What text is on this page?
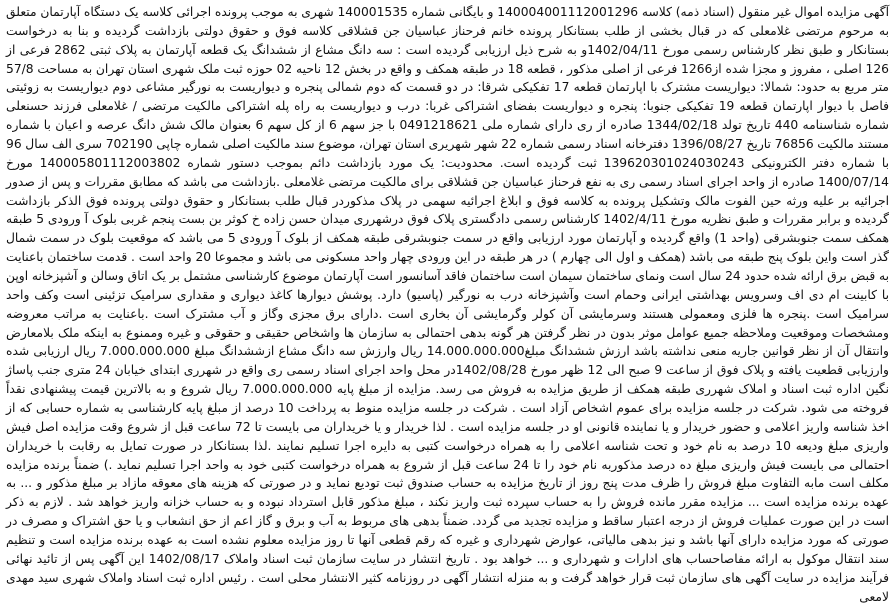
آگهی مزایده اموال غیر منقول (اسناد ذمه) کلاسه 140004001112001296 و بایگانی شماره 140001535 شهری به موجب پرونده اجرائی کلاسه یک دستگاه آپارتمان متعلق به مرحوم مرتضی غلامعلی که در قبال بخشی از طلب بستانکار پرونده خانم فرحناز عباسیان جن قشلاقی کلاسه فوق و حقوق دولتی بازداشت گردیده و بنا به درخواست بستانکار و طبق نظر کارشناس رسمی مورخ 1402/04/11و به شرح ذیل ارزیابی گردیده است : سه دانگ مشاع از ششدانگ یک قطعه آپارتمان به پلاک ثبتی 2862 فرعی از 126 اصلی ، مفروز و مجزا شده از1266 فرعی از اصلی مذکور ، قطعه 18 در طبقه همکف و واقع در بخش 12 ناحیه 02 حوزه ثبت ملک شهری استان تهران به مساحت 57/8 متر مربع به حدود: شمالا: دیواریست مشترک با اپارتمان قطعه 17 تفکیکی شرقا: در دو قسمت که دوم شمالی پنجره و دیواریست به نورگیر مشاعی دوم دیواریست به زوئیتی فاصل با دیوار اپارتمان قطعه 19 تفکیکی جنوبا: پنجره و دیواریست بفضای اشتراکی غربا: درب و دیواریست به راه پله اشتراکی مالکیت مرتضی / غلامعلی فرزند حسنعلی شماره شناسنامه 440 تاریخ تولد 1344/02/18 صادره از ری دارای شماره ملی 0491218621 با جز سهم 6 از کل سهم 6 بعنوان مالک شش دانگ عرصه و اعیان با شماره مستند مالکیت 76856 تاریخ 1396/08/27 دفترخانه اسناد رسمی شماره 22 شهر شهریری استان تهران، موضوع سند مالکیت اصلی شماره چاپی 702190 سری الف سال 96 با شماره دفتر الکترونیکی 139620301024030243 ثبت گردیده است. محدودیت: یک مورد بازداشت دائم بموجب دستور شماره 140005801112003802 مورخ 1400/07/14 صادره از واحد اجرای اسناد رسمی ری به نفع فرحناز عباسیان جن قشلاقی برای مالکیت مرتضی غلامعلی .بازداشت می باشد که مطابق مقررات و پس از صدور اجرائیه بر علیه ورثه حین الفوت مالک وتشکیل پرونده به کلاسه فوق و ابلاغ اجرائیه سهمی در پلاک مذکوردر قبال طلب بستانکار و حقوق دولتی پرونده فوق الذکر بازداشت گردیده و برابر مقررات و طبق نظریه مورخ 1402/4/11 کارشناس رسمی دادگستری پلاک فوق درشهرری میدان حسن زاده خ کوثر بن بست پنجم غربی بلوک آ ورودی 5 طبقه همکف سمت جنوبشرقی (واحد 1) واقع گردیده و آپارتمان مورد ارزیابی واقع در سمت جنوبشرقی طبقه همکف از بلوک آ ورودی 5 می باشد که موقعیت بلوک در سمت شمال گذر است واین بلوک پنج طبقه می باشد (همکف و اول الی چهارم ) در هر طبقه در این ورودی چهار واحد مسکونی می باشد و مجموعا 20 واحد است . قدمت ساختمان باعنایت به قبض برق ارائه شده حدود 24 سال است ونمای ساختمان سیمان است ساختمان فاقد آسانسور است آپارتمان موضوع کارشناسی مشتمل بر یک اتاق وسالن و آشپزخانه اوپن با کابینت ام دی اف وسرویس بهداشتی ایرانی وحمام است وآشپزخانه درب به نورگیر (پاسیو) دارد. پوشش دیوارها کاغذ دیواری و مقداری سرامیک تزئینی است وکف واحد سرامیک است .پنجره ها فلزی ومعمولی هستند وسرمایشی آن کولر وگرمایشی آن بخاری است .دارای برق مجزی وگاز و آب مشترک است .باعنایت به مراتب معروضه ومشخصات وموقعیت وملاحظه جمیع عوامل موثر بدون در نظر گرفتن هر گونه بدهی احتمالی به سازمان ها واشخاص حقیقی و حقوقی و غیره وممنوع به اینکه ملک بلامعارض وانتقال آن از نظر قوانین جاریه منعی نداشته باشد ارزش ششدانگ مبلغ14.000.000.000 ریال وارزش سه دانگ مشاع ازششدانگ مبلغ 7.000.000.000 ریال ارزیابی شده وارزیابی قطعیت یافته و پلاک فوق از ساعت 9 صبح الی 12 ظهر مورخ 1402/08/28در محل واحد اجرای اسناد رسمی ری واقع در شهرری ابتدای خیابان 24 متری جنب پاساژ نگین اداره ثبت اسناد و املاک شهرری طبقه همکف از طریق مزایده به فروش می رسد. مزایده از مبلغ پایه 7.000.000.000 ریال شروع و به بالاترین قیمت پیشنهادی نقداً فروخته می شود. شرکت در جلسه مزایده برای عموم اشخاص آزاد است . شرکت در جلسه مزایده منوط به پرداخت 10 درصد از مبلغ پایه کارشناسی به شماره حسابی که از اخذ شناسه واریز اعلامی و حضور خریدار و یا نماینده قانونی او در جلسه مزایده است . لذا خریدار و یا خریداران می بایست تا 72 ساعت قبل از شروع وقت مزایده اصل فیش واریزی مبلغ ودیعه 10 درصد به نام خود و تحت شناسه اعلامی را به همراه درخواست کتبی به دایره اجرا تسلیم نمایند .لذا بستانکار در صورت تمایل به رقابت با خریداران احتمالی می بایست فیش واریزی مبلغ ده درصد مذکوربه نام خود را تا 24 ساعت قبل از شروع به همراه درخواست کتبی خود به واحد اجرا تسلیم نماید .) ضمناً برنده مزایده مکلف است مابه التفاوت مبلغ فروش را ظرف مدت پنج روز از تاریخ مزایده به حساب صندوق ثبت تودیع نماید و در صورتی که هزینه های معوقه مازاد بر مبلغ مذکور و ... به عهده برنده مزایده است ... مزایده مقرر مانده فروش را به حساب سپرده ثبت واریز نکند ، مبلغ مذکور قابل استرداد نبوده و به حساب خزانه واریز خواهد شد . لازم به ذکر است در این صورت عملیات فروش از درجه اعتبار ساقط و مزایده تجدید می گردد. ضمناً بدهی های مربوط به آب و برق و گاز اعم از حق انشعاب و یا حق اشتراک و مصرف در صورتی که مورد مزایده دارای آنها باشد و نیز بدهی مالیاتی، عوارض شهرداری و غیره که رقم قطعی آنها تا روز مزایده معلوم نشده است به عهده برنده مزایده است و تنظیم سند انتقال موکول به ارائه مفاصاحساب های ادارات و شهرداری و ... خواهد بود . تاریخ انتشار در سایت سازمان ثبت اسناد واملاک 1402/08/17 این آگهی پس از تائید نهائی فرآیند مزایده در سایت آگهی های سازمان ثبت قرار خواهد گرفت و به منزله انتشار آگهی در روزنامه کثیر الانتشار محلی است . رئیس اداره ثبت اسناد واملاک شهری سید مهدی لامعی
